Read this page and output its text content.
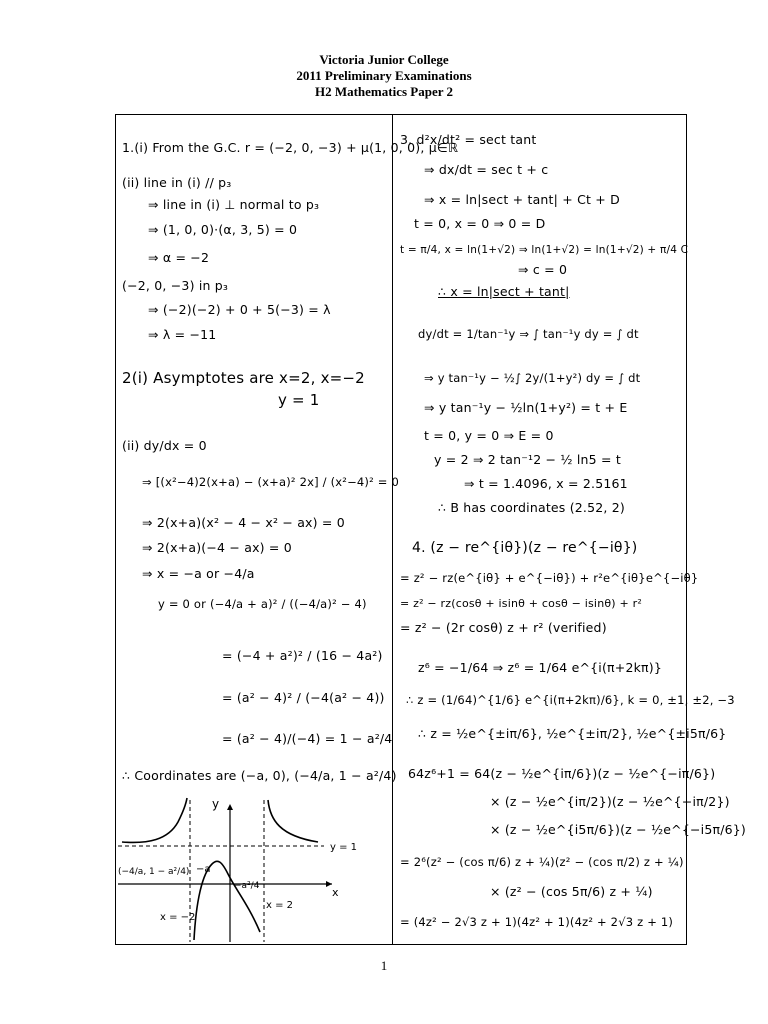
Victoria Junior College
2011 Preliminary Examinations
H2 Mathematics Paper 2
1.(i) From the G.C. r = (−2, 0, −3) + μ(1, 0, 0), μ∈ℝ
(ii) line in (i) // p₃
⇒ line in (i) ⊥ normal to p₃
⇒ (1, 0, 0)·(α, 3, 5) = 0
⇒ α = −2
(−2, 0, −3) in p₃
⇒ (−2)(−2) + 0 + 5(−3) = λ
⇒ λ = −11
2(i) Asymptotes are x=2, x=−2
y = 1
(ii) dy/dx = 0
⇒ [(x²−4)2(x+a) − (x+a)² 2x] / (x²−4)² = 0
⇒ 2(x+a)(x² − 4 − x² − ax) = 0
⇒ 2(x+a)(−4 − ax) = 0
⇒ x = −a or −4/a
y = 0 or (−4/a + a)² / ((−4/a)² − 4)
= (−4 + a²)² / (16 − 4a²)
= (a² − 4)² / (−4(a² − 4))
= (a² − 4)/(−4) = 1 − a²/4
∴ Coordinates are (−a, 0), (−4/a, 1 − a²/4)
y
x
y = 1
(−4/a, 1 − a²/4) −a
−a²/4
x = −2
x = 2
3. d²x/dt² = sect tant
⇒ dx/dt = sec t + c
⇒ x = ln|sect + tant| + Ct + D
t = 0, x = 0 ⇒ 0 = D
t = π/4, x = ln(1+√2) ⇒ ln(1+√2) = ln(1+√2) + π/4 C
⇒ c = 0
∴ x = ln|sect + tant|
dy/dt = 1/tan⁻¹y ⇒ ∫ tan⁻¹y dy = ∫ dt
⇒ y tan⁻¹y − ½∫ 2y/(1+y²) dy = ∫ dt
⇒ y tan⁻¹y − ½ln(1+y²) = t + E
t = 0, y = 0 ⇒ E = 0
y = 2 ⇒ 2 tan⁻¹2 − ½ ln5 = t
⇒ t = 1.4096, x = 2.5161
∴ B has coordinates (2.52, 2)
4. (z − re^{iθ})(z − re^{−iθ})
= z² − rz(e^{iθ} + e^{−iθ}) + r²e^{iθ}e^{−iθ}
= z² − rz(cosθ + isinθ + cosθ − isinθ) + r²
= z² − (2r cosθ) z + r² (verified)
z⁶ = −1/64 ⇒ z⁶ = 1/64 e^{i(π+2kπ)}
∴ z = (1/64)^{1/6} e^{i(π+2kπ)/6}, k = 0, ±1, ±2, −3
∴ z = ½e^{±iπ/6}, ½e^{±iπ/2}, ½e^{±i5π/6}
64z⁶+1 = 64(z − ½e^{iπ/6})(z − ½e^{−iπ/6})
× (z − ½e^{iπ/2})(z − ½e^{−iπ/2})
× (z − ½e^{i5π/6})(z − ½e^{−i5π/6})
= 2⁶(z² − (cos π/6) z + ¼)(z² − (cos π/2) z + ¼)
× (z² − (cos 5π/6) z + ¼)
= (4z² − 2√3 z + 1)(4z² + 1)(4z² + 2√3 z + 1)
1
